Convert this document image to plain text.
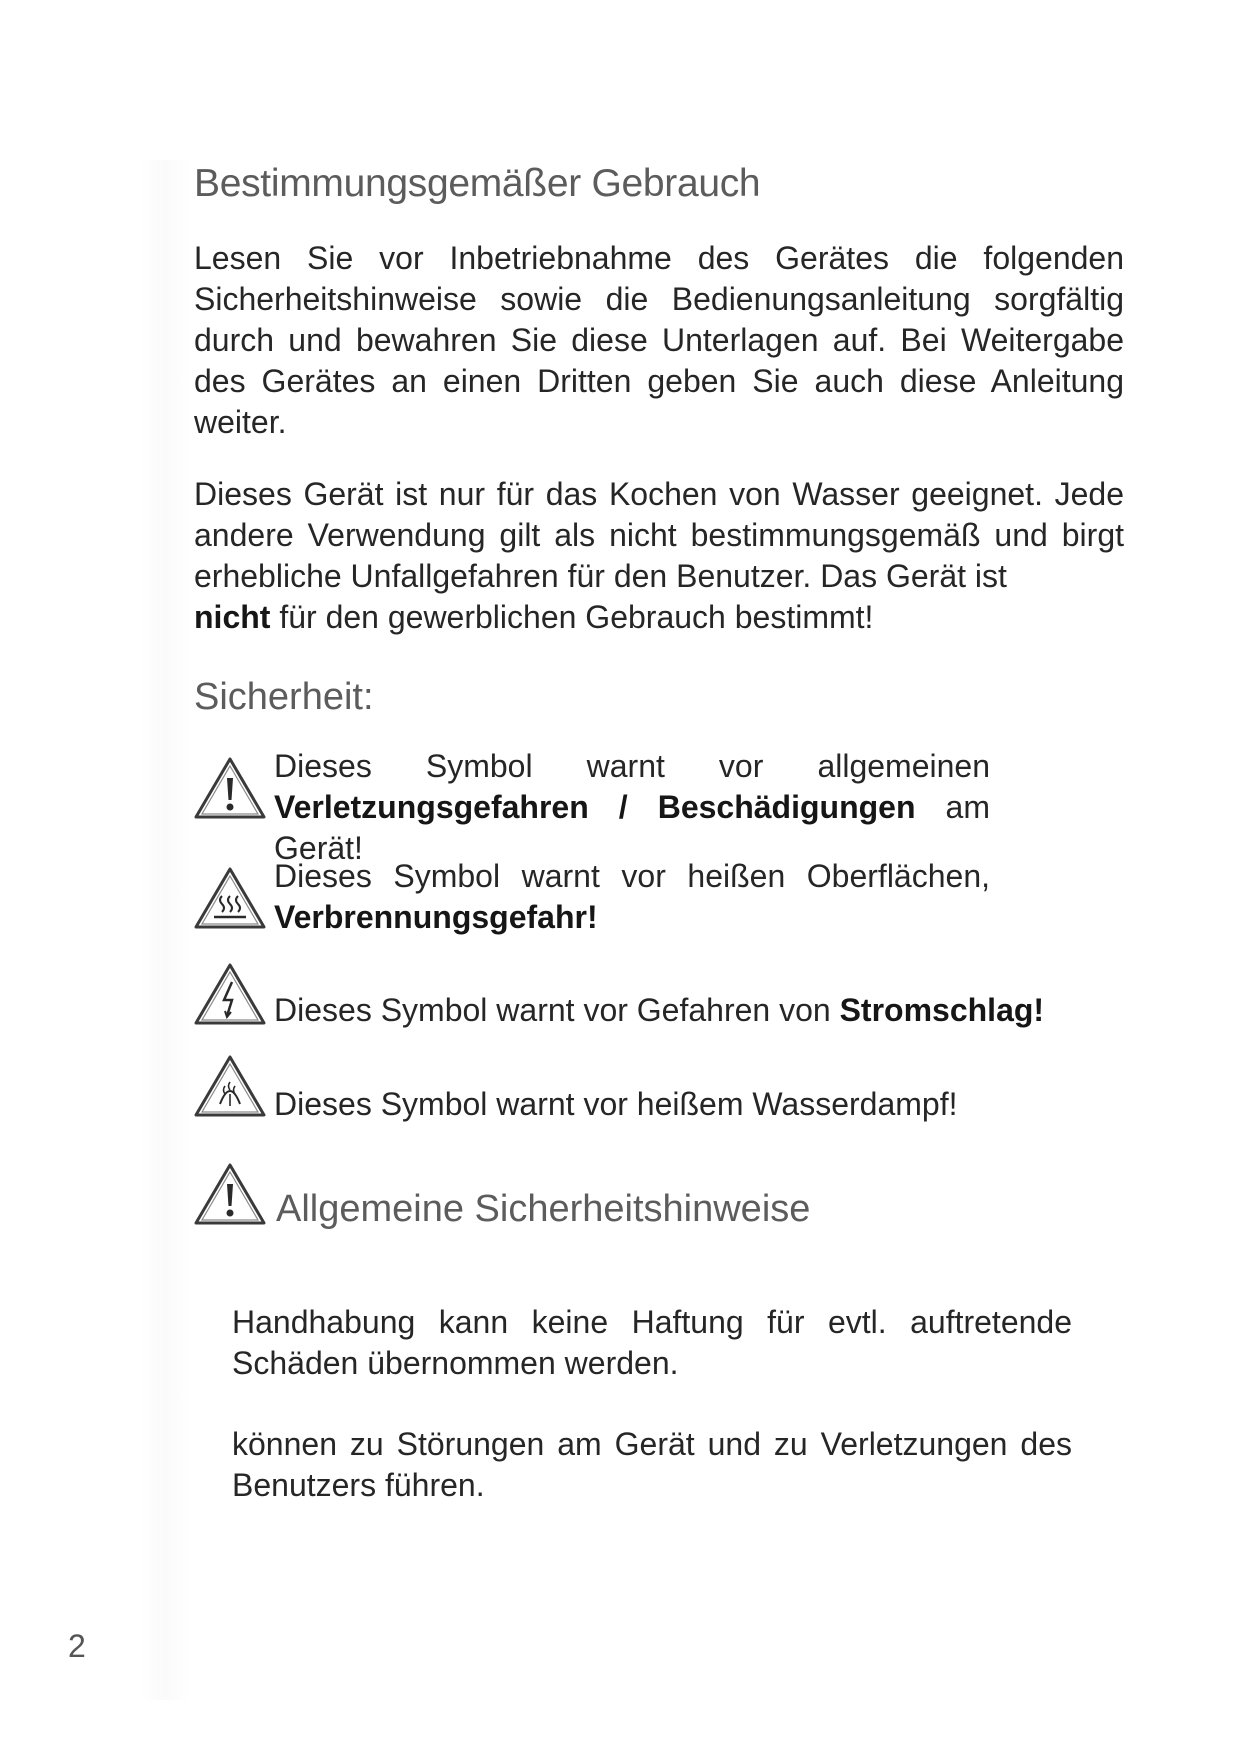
Bestimmungsgemäßer Gebrauch

Lesen Sie vor Inbetriebnahme des Gerätes die folgenden Sicherheitshinweise sowie die Bedienungsanleitung sorgfältig durch und bewahren Sie diese Unterlagen auf. Bei Weitergabe des Gerätes an einen Dritten geben Sie auch diese Anleitung weiter.

Dieses Gerät ist nur für das Kochen von Wasser geeignet. Jede andere Verwendung gilt als nicht bestimmungsgemäß und birgt erhebliche Unfallgefahren für den Benutzer. Das Gerät ist
nicht für den gewerblichen Gebrauch bestimmt!

Sicherheit:
Dieses Symbol warnt vor allgemeinen
Verletzungsgefahren / Beschädigungen am Gerät!
Dieses Symbol warnt vor heißen Oberflächen,
Verbrennungsgefahr!
Dieses Symbol warnt vor Gefahren von Stromschlag!
Dieses Symbol warnt vor heißem Wasserdampf!
Allgemeine Sicherheitshinweise

Handhabung kann keine Haftung für evtl. auftretende
Schäden übernommen werden.

können zu Störungen am Gerät und zu Verletzungen des
Benutzers führen.

2
